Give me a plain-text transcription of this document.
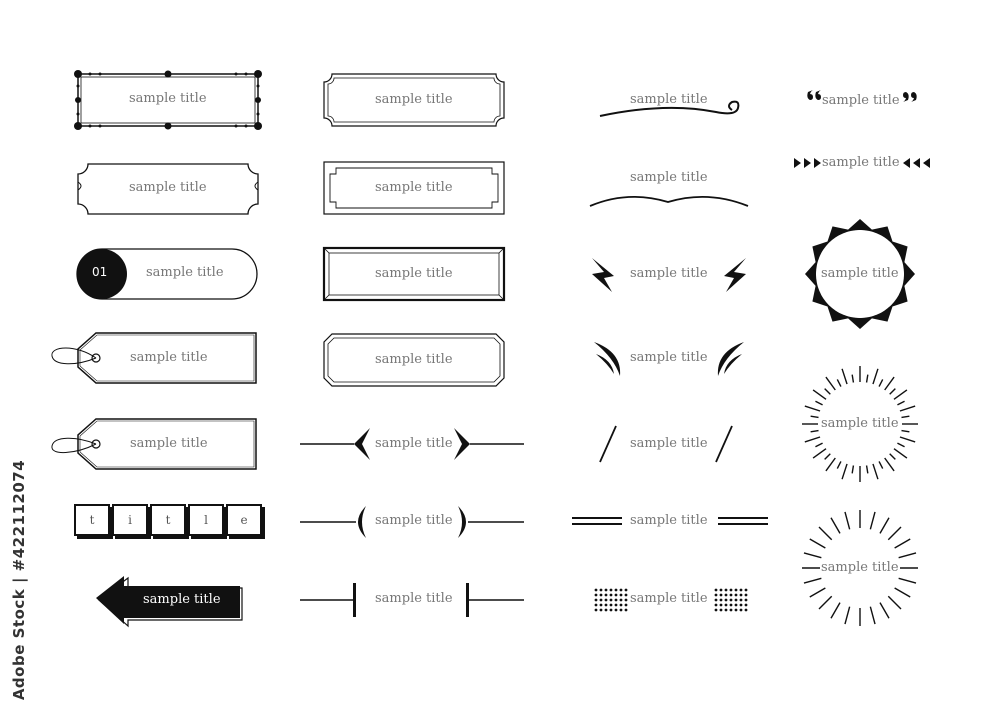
sample title
sample title
01	sample title
sample title
sample title
t	i	t	l	e
sample title
sample title
sample title
sample title
sample title
sample title
sample title
sample title
sample title
sample title
sample title
sample title
sample title
sample title
sample title
sample title
sample title
sample title
sample title
sample title
Adobe Stock | #422112074
